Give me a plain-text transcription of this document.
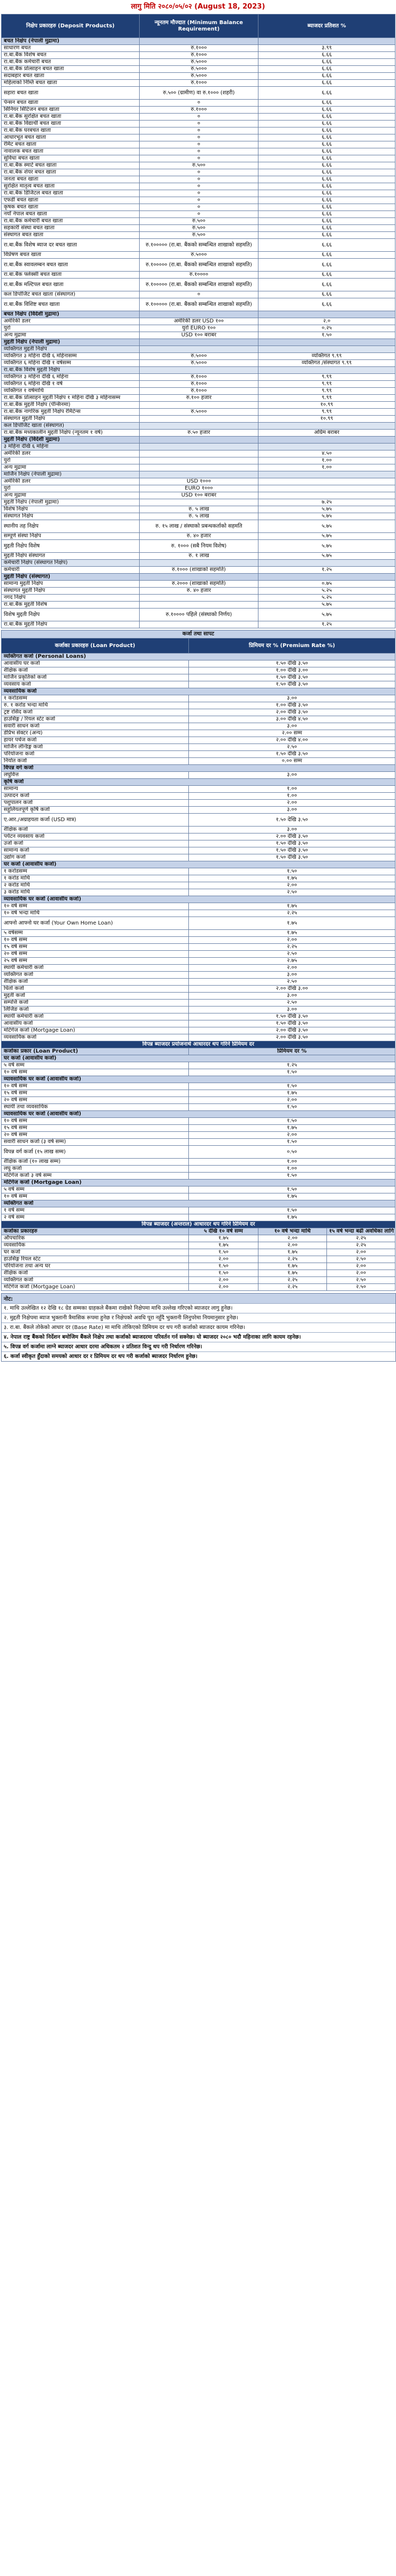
लागु मिति २०८०/०५/०२ (August 18, 2023)
निक्षेप प्रकारहरु (Deposit Products)	न्यूनतम मौज्दात (Minimum Balance Requirement)	ब्याजदर प्रतिशत %
बचत निक्षेप (नेपाली मुद्रामा)		
साधारण बचत	रु.१०००	३.९९
रा.बा.बैंक विशेष बचत	रु.१०००	६.६६
रा.बा.बैंक कर्मचारी बचत	रु.५०००	६.६६
रा.बा.बैंक प्रोत्साहन बचत खाता	रु.५०००	६.६६
सदाबहार बचत खाता	रु.५०००	६.६६
महिलाको निम्ति बचत खाता	रु.१०००	६.६६
सहारा बचत खाता	रु.५०० (ग्रामीण) वा रु.१००० (शहरी)	६.६६
पेन्सन बचत खाता	०	६.६६
सिनियर सिटिजन बचत खाता	रु.१०००	६.६६
रा.बा.बैंक सुरक्षित बचत खाता	०	६.६६
रा.बा.बैंक विद्यार्थी बचत खाता	०	६.६६
रा.बा.बैंक घरबचत खाता	०	६.६६
आधारभूत बचत खाता	०	६.६६
रेमिट बचत खाता	०	६.६६
नावालक बचत खाता	०	६.६६
सुविधा बचत खाता	०	६.६६
रा.बा.बैंक स्मार्ट बचत खाता	रु.५००	६.६६
रा.बा.बैंक शेयर बचत खाता	०	६.६६
जनता बचत खाता	०	६.६६
सुरक्षित मातृत्व बचत खाता	०	६.६६
रा.बा.बैंक डिजिटल बचत खाता	०	६.६६
एफडी बचत खाता	०	६.६६
कृषक बचत खाता	०	६.६६
नयाँ नेपाल बचत खाता	०	६.६६
रा.बा.बैंक कर्मचारी बचत खाता	रु.५००	६.६६
सहकारी संस्था बचत खाता	रु.५००	६.६६
संस्थागत बचत खाता	रु.५००	६.६६
रा.बा.बैंक विशेष ब्याज दर बचत खाता	रु.१००००० (रा.बा. बैंकको सम्बन्धित शाखाको सहमति)	६.६६
विप्रेषण बचत खाता	रु.५०००	६.६६
रा.बा.बैंक स्वावलम्बन बचत खाता	रु.१००००० (रा.बा. बैंकको सम्बन्धित शाखाको सहमति)	६.६६
रा.बा.बैंक फ्लेक्सी बचत खाता	रु.१००००	६.६६
रा.बा.बैंक मल्टिपल बचत खाता	रु.१००००० (रा.बा. बैंकको सम्बन्धित शाखाको सहमति)	६.६६
कल डिपोजिट बचत खाता (संस्थागत)	०	६.६६
रा.बा.बैंक विशिष्ट बचत खाता	रु.१००००० (रा.बा. बैंकको सम्बन्धित शाखाको सहमति)	६.६६
बचत निक्षेप (विदेशी मुद्रामा)		
अमेरिकी डलर	अमेरिकी डलर USD १००	२.०
युरो	युरो EURO १००	०.२५
अन्य मुद्रामा	USD १०० बराबर	१.५०
मुद्दती निक्षेप (नेपाली मुद्रामा)		
व्यक्तिगत मुद्दती निक्षेप		
व्यक्तिगत ३ महिना देखि ६ महिनासम्म	रु.५०००	व्यक्तिगत ९.९९
व्यक्तिगत ६ महिना देखि १ वर्षसम्म	रु.५०००	व्यक्तिगत /संस्थागत ९.९९
रा.बा.बैंक विशेष मुद्दती निक्षेप		
व्यक्तिगत ३ महिना देखि ६ महिना	रु.१०००	९.९९
व्यक्तिगत ६ महिना देखि १ वर्ष	रु.१०००	९.९९
व्यक्तिगत १ वर्षमाथि	रु.१०००	९.९९
रा.बा.बैंक प्रोत्साहन मुद्दती निक्षेप १ महिना देखि ३ महिनासम्म	रु.१०० हजार	९.९९
रा.बा.बैंक मुद्दती निक्षेप (पेन्सिनमा)		१०.९९
रा.बा.बैंक नागरिक मुद्दती निक्षेप रेमिटेन्स	रु.५०००	९.९९
संस्थागत मुद्दती निक्षेप		१०.९९
कल डिपोजिट खाता (संस्थागत)		
रा.बा.बैंक मध्यकालीन मुद्दती निक्षेप (न्यूनतम १ वर्ष)	रु.५० हजार	अग्रिम बराबर
मुद्दती निक्षेप (विदेशी मुद्रामा)		
३ महिना देखि ६ महिना		
अमेरिकी डलर		४.५०
युरो		१.००
अन्य मुद्रामा		१.००
मार्जिन निक्षेप (नेपाली मुद्रामा)		
अमेरिकी डलर	USD १०००	
युरो	EURO १०००	
अन्य मुद्रामा	USD १०० बराबर	
मुद्दती निक्षेप (नेपाली मुद्रामा)		७.२५
विशेष निक्षेप	रु. ५ लाख	५.७५
संस्थागत निक्षेप	रु. ५ लाख	५.७५
स्थानीय तह निक्षेप	रु. १५ लाख / संस्थाको प्रबन्धकर्ताको सहमति	५.७५
सम्पूर्ण संस्था निक्षेप	रु. ४० हजार	५.७५
मुद्दती निक्षेप विशेष	रु. १००० (सबै नियम विशेष)	५.७५
मुद्दती निक्षेप संस्थागत	रु. १ लाख	५.७५
कर्मचारी निक्षेप (संस्थागत निक्षेप)		
कर्मचारी	रु.१००० (शाखाको सहमति)	१.२५
मुद्दती निक्षेप (संस्थागत)		
सामान्य मुद्दती निक्षेप	रु.२००० (शाखाको सहमति)	०.७५
संस्थागत मुद्दती निक्षेप	रु. ४० हजार	५.२५
नगद निक्षेप		५.२५
रा.बा.बैंक मुद्दती विशेष		५.७५
विशेष मुद्दती निक्षेप	रु.१०००० पहिले (संस्थाको निर्णय)	५.७५
रा.बा.बैंक मुद्दती निक्षेप		१.२५
कर्जा तथा सापट			
कर्जाका प्रकारहरु (Loan Product)	प्रिमियम दर % (Premium Rate %)		
व्यक्तिगत कर्जा (Personal Loans)			
आवासीय घर कर्जा	१.५० देखि ३.५०		
शैक्षिक कर्जा	१.०० देखि ३.००		
मार्जिन प्रकृतिको कर्जा	१.५० देखि ३.५०		
व्यवसाय कर्जा	१.५० देखि ३.५०		
व्यवसायिक कर्जा			
१ करोडसम्म	३.००		
रु. १ करोड भन्दा माथि	१.०० देखि ३.५०		
ट्रष्ट रसिद कर्जा	२.०० देखि ३.५०		
हाउसिङ्ग / रियल स्टेट कर्जा	३.०० देखि ४.५०		
सवारी साधन कर्जा	३.००		
डेप्रिभ सेक्टर (अन्य)	२.०० सम्म		
हायर पर्चेज कर्जा	२.०० देखि ४.००		
मार्जिन लेन्डिङ्ग कर्जा	२.५०		
परियोजना कर्जा	१.५० देखि ३.५०		
निर्यात कर्जा	०.०० सम्म		
विपन्न वर्ग कर्जा			
लघुवित्त	३.००		
कृषि कर्जा			
सामान्य	१.००		
उत्पादन कर्जा	१.००		
पशुपालन कर्जा	२.००		
सहुलियतपूर्ण कृषि कर्जा	३.००		
ए.आर./अग्राहयता कर्जा (USD मात्र)	१.५० देखि ३.५०		
शैक्षिक कर्जा	३.००		
पर्यटन व्यवसाय कर्जा	२.०० देखि ३.५०		
उर्जा कर्जा	१.५० देखि ३.५०		
सामान्य कर्जा	१.५० देखि ३.५०		
उद्योग कर्जा	१.५० देखि ३.५०		
घर कर्जा (आवासीय कर्जा)			
१ करोडसम्म	१.५०		
१ करोड माथि	१.७५		
२ करोड माथि	२.००		
३ करोड माथि	२.५०		
व्यावसायिक घर कर्जा (आवासीय कर्जा)			
१० वर्ष सम्म	१.७५		
१० वर्ष भन्दा माथि	२.२५		
आफ्नो आफ्नो घर कर्जा (Your Own Home Loan)	१.७५		
५ वर्षसम्म	१.७५		
१० वर्ष सम्म	२.००		
१५ वर्ष सम्म	२.२५		
२० वर्ष सम्म	२.५०		
२५ वर्ष सम्म	२.७५		
स्थायी कर्मचारी कर्जा	२.००		
व्यक्तिगत कर्जा	३.००		
शैक्षिक कर्जा	२.५०		
धितो कर्जा	२.०० देखि ३.००		
मुद्दती कर्जा	३.००		
सम्पत्ति कर्जा	२.५०		
लिजिङ कर्जा	३.००		
स्थायी कर्मचारी कर्जा	१.५० देखि ३.५०		
आवासीय कर्जा	१.५० देखि ३.५०		
मोर्टगेज कर्जा (Mortgage Loan)	२.०० देखि ३.५०		
व्यवसायिक कर्जा	२.०० देखि ३.५०		
विपन्न ब्याजदर प्रयोजनार्थ आधारदर थप गरिने प्रिमियम दर			
कर्जाका प्रकार (Loan Product)	प्रिमियम दर %		
घर कर्जा (आवासीय कर्जा)			
५ वर्ष सम्म	१.२५		
१० वर्ष सम्म	१.५०		
व्यावसायिक घर कर्जा (आवासीय कर्जा)			
१० वर्ष सम्म	१.५०		
१५ वर्ष सम्म	१.७५		
२० वर्ष सम्म	२.००		
स्थायी तथा व्यवसायिक	१.५०		
व्यावसायिक घर कर्जा (आवासीय कर्जा)			
१० वर्ष सम्म	१.५०		
१५ वर्ष सम्म	१.७५		
२० वर्ष सम्म	२.००		
सवारी साधन कर्जा (३ वर्ष सम्म)	१.५०		
विपन्न वर्ग कर्जा (१५ लाख सम्म)	०.५०		
शैक्षिक कर्जा (१० लाख सम्म)	१.००		
लघु कर्जा	१.००		
मोर्टगेज कर्जा ३ वर्ष सम्म	१.५०		
मोर्टगेज कर्जा (Mortgage Loan)			
५ वर्ष सम्म	१.५०		
१० वर्ष सम्म	१.७५		
व्यक्तिगत कर्जा			
१ वर्ष सम्म	१.५०		
२ वर्ष सम्म	१.७५		
विपन्न ब्याजदर (अन्तराल) आधारदर थप गरिने प्रिमियम दर			
कर्जाका प्रकारहरु	५ देखि १० वर्ष सम्म	१० वर्ष भन्दा माथि	१५ वर्ष भन्दा बढी अवधिका लागि
औपचारिक	१.७५	२.००	२.२५
व्यवसायिक	१.७५	२.००	२.२५
घर कर्जा	१.५०	१.७५	२.००
हाउसिङ्ग रियल स्टेट	२.००	२.२५	२.५०
परियोजना तथा अन्य घर	१.५०	१.७५	२.००
शैक्षिक कर्जा	१.५०	१.७५	२.००
व्यक्तिगत कर्जा	२.००	२.२५	२.५०
मोर्टगेज कर्जा (Mortgage Loan)	२.००	२.२५	२.५०
नोट:
१. माथि उल्लेखित १२ देखि १८ ग्रेड सम्मका ग्राहकले बैंकमा राखेको निक्षेपमा माथि उल्लेख गरिएको ब्याजदर लागु हुनेछ।
२. मुद्दती निक्षेपमा ब्याज भुक्तानी त्रैमासिक रूपमा हुनेछ र निक्षेपको अवधि पूरा नहुँदै भुक्तानी लिनुपरेमा नियमानुसार हुनेछ।
३. रा.बा. बैंकले तोकेको आधार दर (Base Rate) मा माथि तोकिएको प्रिमियम दर थप गरी कर्जाको ब्याजदर कायम गरिनेछ।
४. नेपाल राष्ट्र बैंकको निर्देशन बमोजिम बैंकले निक्षेप तथा कर्जाको ब्याजदरमा परिवर्तन गर्न सक्नेछ। यो ब्याजदर २०८० भदौ महिनाका लागि कायम रहनेछ।
५. विपन्न वर्ग कर्जामा लाग्ने ब्याजदर आधार दरमा अधिकतम २ प्रतिशत विन्दु थप गरी निर्धारण गरिनेछ।
६. कर्जा स्वीकृत हुँदाको समयको आधार दर र प्रिमियम दर थप गरी कर्जाको ब्याजदर निर्धारण हुनेछ।
